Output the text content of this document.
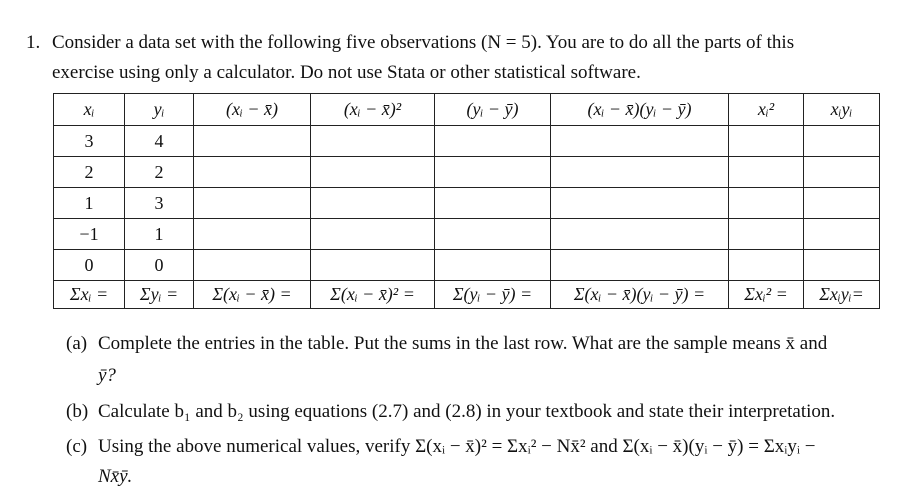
1. Consider a data set with the following five observations (N = 5). You are to do all the parts of this
exercise using only a calculator. Do not use Stata or other statistical software.
xᵢ	yᵢ	(xᵢ − x̄)	(xᵢ − x̄)²	(yᵢ − ȳ)	(xᵢ − x̄)(yᵢ − ȳ)	xᵢ²	xᵢyᵢ
3	4						
2	2						
1	3						
−1	1						
0	0						
Σxᵢ =	Σyᵢ =	Σ(xᵢ − x̄) =	Σ(xᵢ − x̄)² =	Σ(yᵢ − ȳ) =	Σ(xᵢ − x̄)(yᵢ − ȳ) =	Σxᵢ² =	Σxᵢyᵢ=
(a) Complete the entries in the table. Put the sums in the last row. What are the sample means x̄ and
ȳ?
(b) Calculate b₁ and b₂ using equations (2.7) and (2.8) in your textbook and state their interpretation.
(c) Using the above numerical values, verify Σ(xᵢ − x̄)² = Σxᵢ² − Nx̄² and Σ(xᵢ − x̄)(yᵢ − ȳ) = Σxᵢyᵢ −
Nx̄ȳ.
